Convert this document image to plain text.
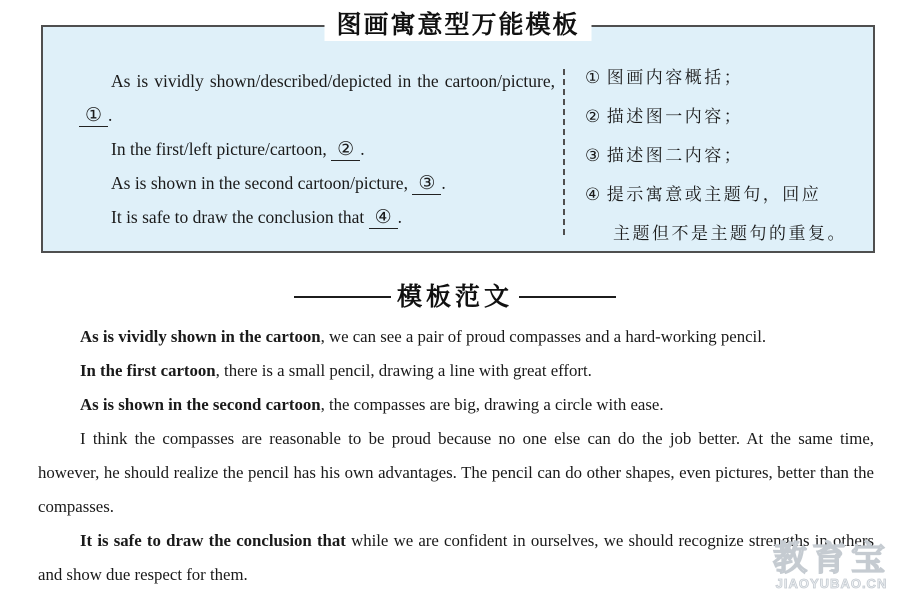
图画寓意型万能模板

As is vividly shown/described/depicted in the cartoon/picture, ① .

In the first/left picture/cartoon, ② .

As is shown in the second cartoon/picture, ③ .

It is safe to draw the conclusion that ④ .

① 图画内容概括；
② 描述图一内容；
③ 描述图二内容；
④ 提示寓意或主题句，回应
主题但不是主题句的重复。
模板范文

As is vividly shown in the cartoon, we can see a pair of proud compasses and a hard-working pencil.

In the first cartoon, there is a small pencil, drawing a line with great effort.

As is shown in the second cartoon, the compasses are big, drawing a circle with ease.

I think the compasses are reasonable to be proud because no one else can do the job better. At the same time, however, he should realize the pencil has his own advantages. The pencil can do other shapes, even pictures, better than the compasses.

It is safe to draw the conclusion that while we are confident in ourselves, we should recognize strengths in others and show due respect for them.	教育宝
JIAOYUBAO.CN
